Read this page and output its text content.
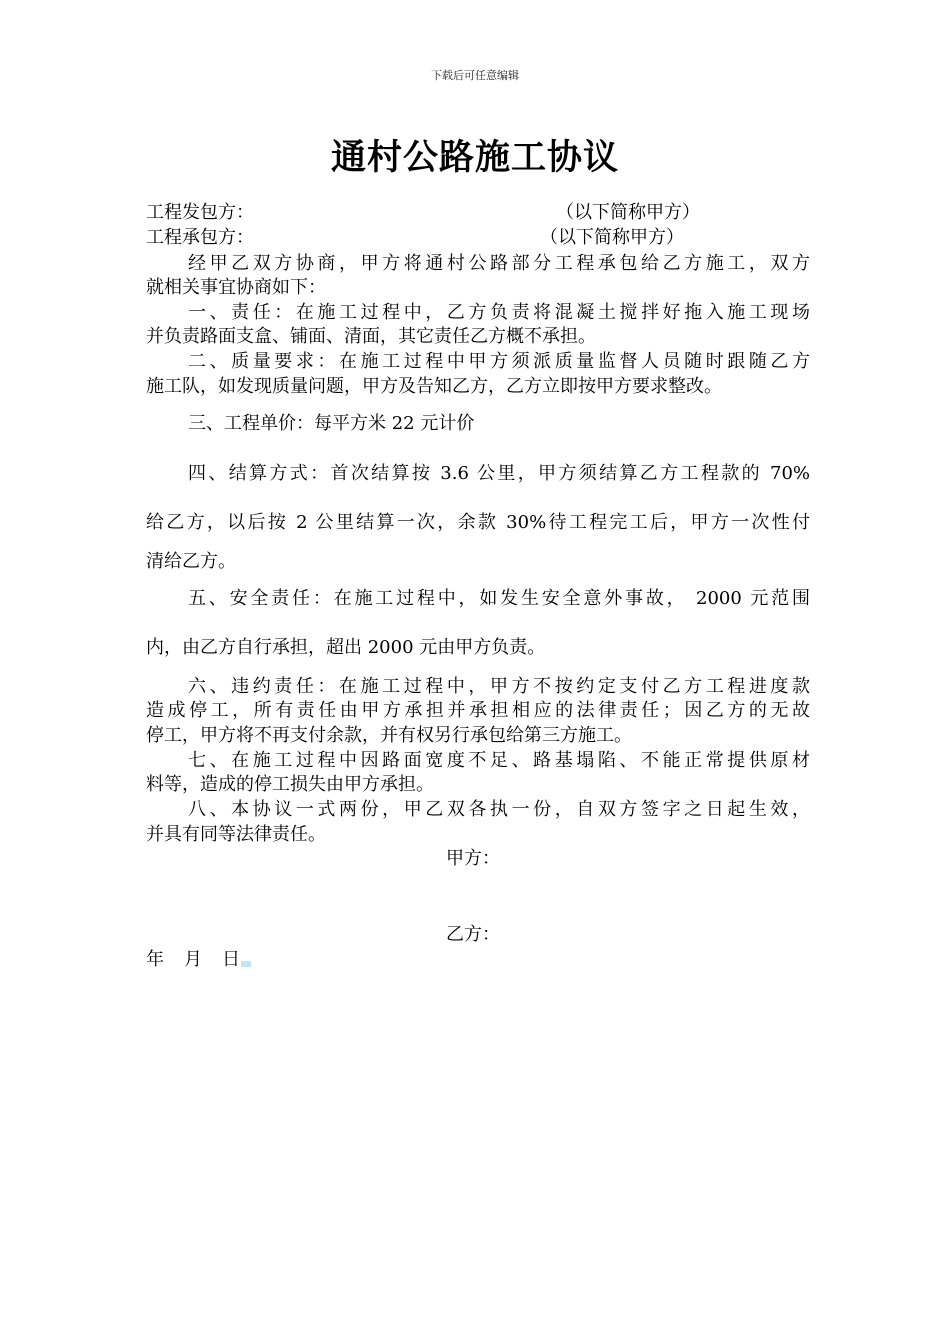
下载后可任意编辑
通村公路施工协议
工程发包方：	（以下简称甲方）
工程承包方：	（以下简称甲方）
经甲乙双方协商，甲方将通村公路部分工程承包给乙方施工，双方
就相关事宜协商如下：
一、责任：在施工过程中，乙方负责将混凝土搅拌好拖入施工现场
并负责路面支盒、铺面、清面，其它责任乙方概不承担。
二、质量要求：在施工过程中甲方须派质量监督人员随时跟随乙方
施工队，如发现质量问题，甲方及告知乙方，乙方立即按甲方要求整改。
三、工程单价：每平方米 22 元计价
四、结算方式：首次结算按 3.6 公里，甲方须结算乙方工程款的 70%
给乙方，以后按 2 公里结算一次，余款 30%待工程完工后，甲方一次性付
清给乙方。
五、安全责任：在施工过程中，如发生安全意外事故， 2000 元范围
内，由乙方自行承担，超出 2000 元由甲方负责。
六、违约责任：在施工过程中，甲方不按约定支付乙方工程进度款
造成停工，所有责任由甲方承担并承担相应的法律责任；因乙方的无故
停工，甲方将不再支付余款，并有权另行承包给第三方施工。
七、在施工过程中因路面宽度不足、路基塌陷、不能正常提供原材
料等，造成的停工损失由甲方承担。
八、本协议一式两份，甲乙双各执一份，自双方签字之日起生效，
并具有同等法律责任。
甲方：
乙方：
年 月 日
